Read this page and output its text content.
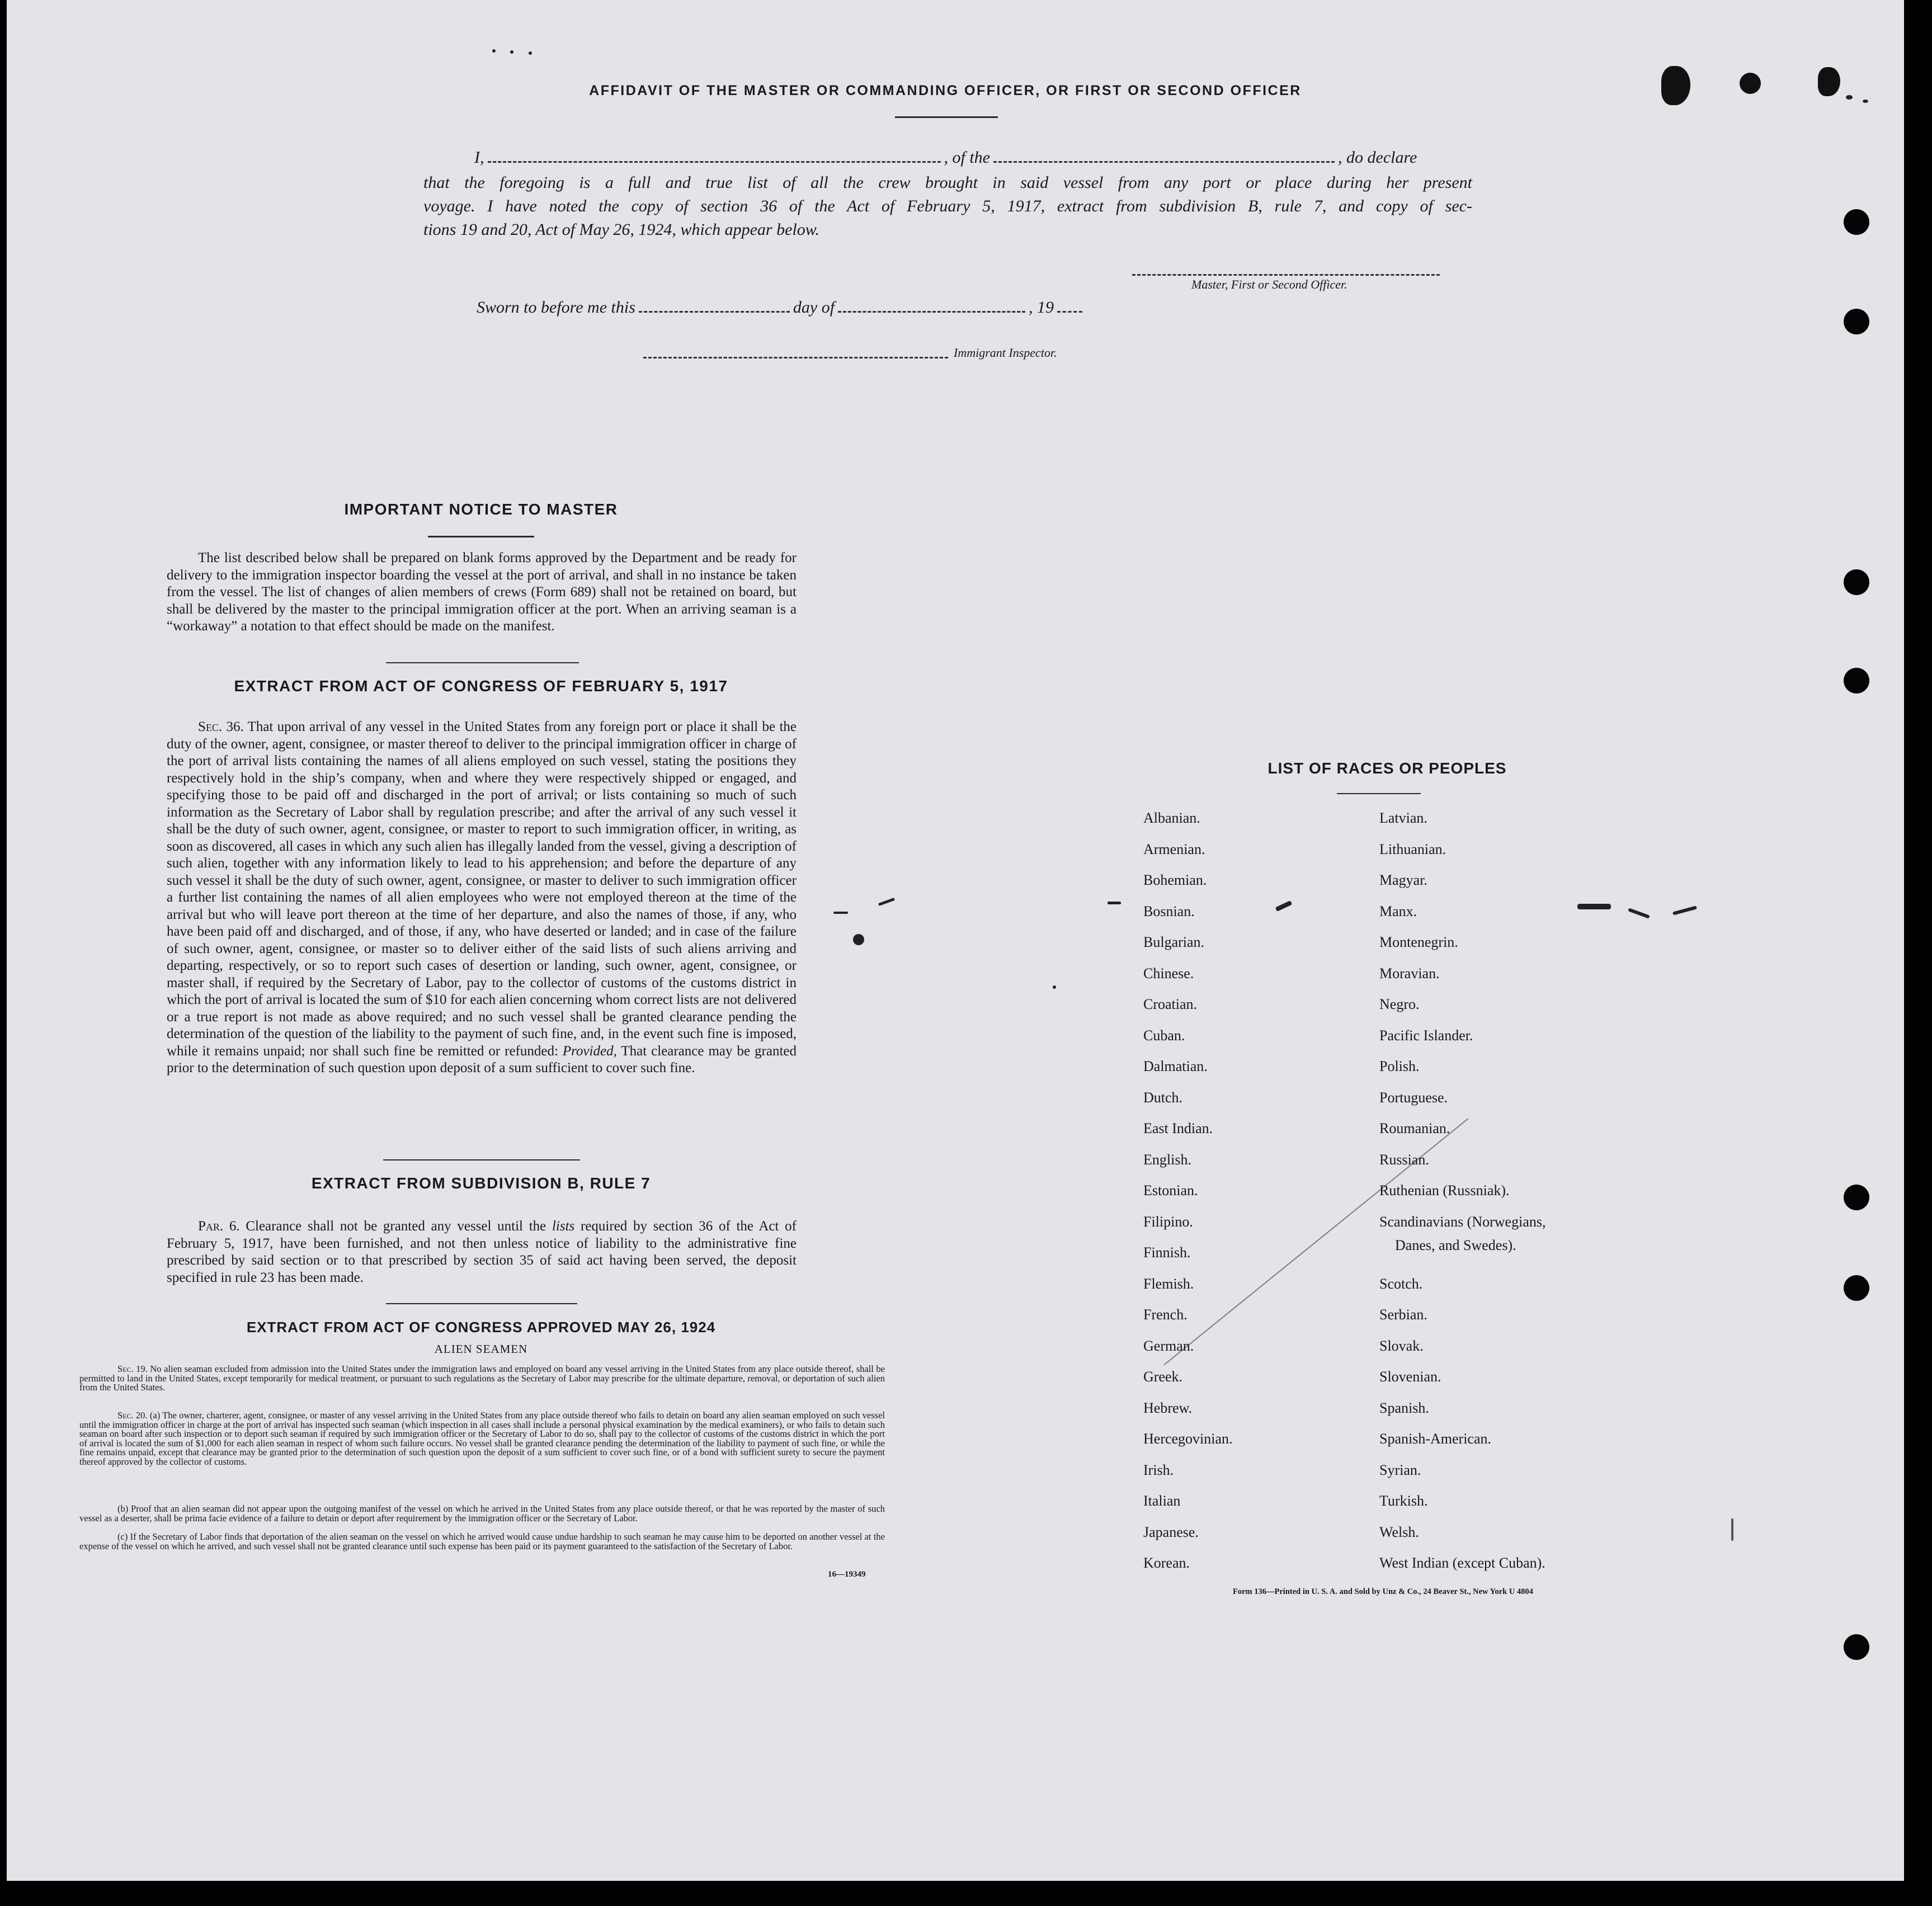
AFFIDAVIT OF THE MASTER OR COMMANDING OFFICER, OR FIRST OR SECOND OFFICER
I,	, of the	, do declare
that the foregoing is a full and true list of all the crew brought in said vessel from any port or place during her present
voyage. I have noted the copy of section 36 of the Act of February 5, 1917, extract from subdivision B, rule 7, and copy of sec-
tions 19 and 20, Act of May 26, 1924, which appear below.
Master, First or Second Officer.
Sworn to before me this	day of	, 19
Immigrant Inspector.
IMPORTANT NOTICE TO MASTER
The list described below shall be prepared on blank forms approved by the Department and be ready for delivery to the immigration inspector boarding the vessel at the port of arrival, and shall in no instance be taken from the vessel. The list of changes of alien members of crews (Form 689) shall not be retained on board, but shall be delivered by the master to the principal immigration officer at the port. When an arriving seaman is a “workaway” a notation to that effect should be made on the manifest.
EXTRACT FROM ACT OF CONGRESS OF FEBRUARY 5, 1917
Sec. 36. That upon arrival of any vessel in the United States from any foreign port or place it shall be the duty of the owner, agent, consignee, or master thereof to deliver to the principal immigration officer in charge of the port of arrival lists containing the names of all aliens employed on such vessel, stating the positions they respectively hold in the ship’s company, when and where they were respectively shipped or engaged, and specifying those to be paid off and discharged in the port of arrival; or lists containing so much of such information as the Secretary of Labor shall by regulation prescribe; and after the arrival of any such vessel it shall be the duty of such owner, agent, consignee, or master to report to such immigration officer, in writing, as soon as discovered, all cases in which any such alien has illegally landed from the vessel, giving a description of such alien, together with any information likely to lead to his apprehension; and before the departure of any such vessel it shall be the duty of such owner, agent, consignee, or master to deliver to such immigration officer a further list containing the names of all alien employees who were not employed thereon at the time of the arrival but who will leave port thereon at the time of her departure, and also the names of those, if any, who have been paid off and discharged, and of those, if any, who have deserted or landed; and in case of the failure of such owner, agent, consignee, or master so to deliver either of the said lists of such aliens arriving and departing, respectively, or so to report such cases of desertion or landing, such owner, agent, consignee, or master shall, if required by the Secretary of Labor, pay to the collector of customs of the customs district in which the port of arrival is located the sum of $10 for each alien concerning whom correct lists are not delivered or a true report is not made as above required; and no such vessel shall be granted clearance pending the determination of the question of the liability to the payment of such fine, and, in the event such fine is imposed, while it remains unpaid; nor shall such fine be remitted or refunded: Provided, That clearance may be granted prior to the determination of such question upon deposit of a sum sufficient to cover such fine.
EXTRACT FROM SUBDIVISION B, RULE 7
Par. 6. Clearance shall not be granted any vessel until the lists required by section 36 of the Act of February 5, 1917, have been furnished, and not then unless notice of liability to the administrative fine prescribed by said section or to that prescribed by section 35 of said act having been served, the deposit specified in rule 23 has been made.
EXTRACT FROM ACT OF CONGRESS APPROVED MAY 26, 1924
ALIEN SEAMEN
Sec. 19. No alien seaman excluded from admission into the United States under the immigration laws and employed on board any vessel arriving in the United States from any place outside thereof, shall be permitted to land in the United States, except temporarily for medical treatment, or pursuant to such regulations as the Secretary of Labor may prescribe for the ultimate departure, removal, or deportation of such alien from the United States.
Sec. 20. (a) The owner, charterer, agent, consignee, or master of any vessel arriving in the United States from any place outside thereof who fails to detain on board any alien seaman employed on such vessel until the immigration officer in charge at the port of arrival has inspected such seaman (which inspection in all cases shall include a personal physical examination by the medical examiners), or who fails to detain such seaman on board after such inspection or to deport such seaman if required by such immigration officer or the Secretary of Labor to do so, shall pay to the collector of customs of the customs district in which the port of arrival is located the sum of $1,000 for each alien seaman in respect of whom such failure occurs. No vessel shall be granted clearance pending the determination of the liability to payment of such fine, or while the fine remains unpaid, except that clearance may be granted prior to the determination of such question upon the deposit of a sum sufficient to cover such fine, or of a bond with sufficient surety to secure the payment thereof approved by the collector of customs.
(b) Proof that an alien seaman did not appear upon the outgoing manifest of the vessel on which he arrived in the United States from any place outside thereof, or that he was reported by the master of such vessel as a deserter, shall be prima facie evidence of a failure to detain or deport after requirement by the immigration officer or the Secretary of Labor.
(c) If the Secretary of Labor finds that deportation of the alien seaman on the vessel on which he arrived would cause undue hardship to such seaman he may cause him to be deported on another vessel at the expense of the vessel on which he arrived, and such vessel shall not be granted clearance until such expense has been paid or its payment guaranteed to the satisfaction of the Secretary of Labor.
16—19349
LIST OF RACES OR PEOPLES
Danes, and Swedes).
Form 136—Printed in U. S. A. and Sold by Unz & Co., 24 Beaver St., New York U 4804
Albanian.
Armenian.
Bohemian.
Bosnian.
Bulgarian.
Chinese.
Croatian.
Cuban.
Dalmatian.
Dutch.
East Indian.
English.
Estonian.
Filipino.
Finnish.
Flemish.
French.
German.
Greek.
Hebrew.
Hercegovinian.
Irish.
Italian
Japanese.
Korean.
Latvian.
Lithuanian.
Magyar.
Manx.
Montenegrin.
Moravian.
Negro.
Pacific Islander.
Polish.
Portuguese.
Roumanian.
Russian.
Ruthenian (Russniak).
Scandinavians (Norwegians,
Scotch.
Serbian.
Slovak.
Slovenian.
Spanish.
Spanish-American.
Syrian.
Turkish.
Welsh.
West Indian (except Cuban).
